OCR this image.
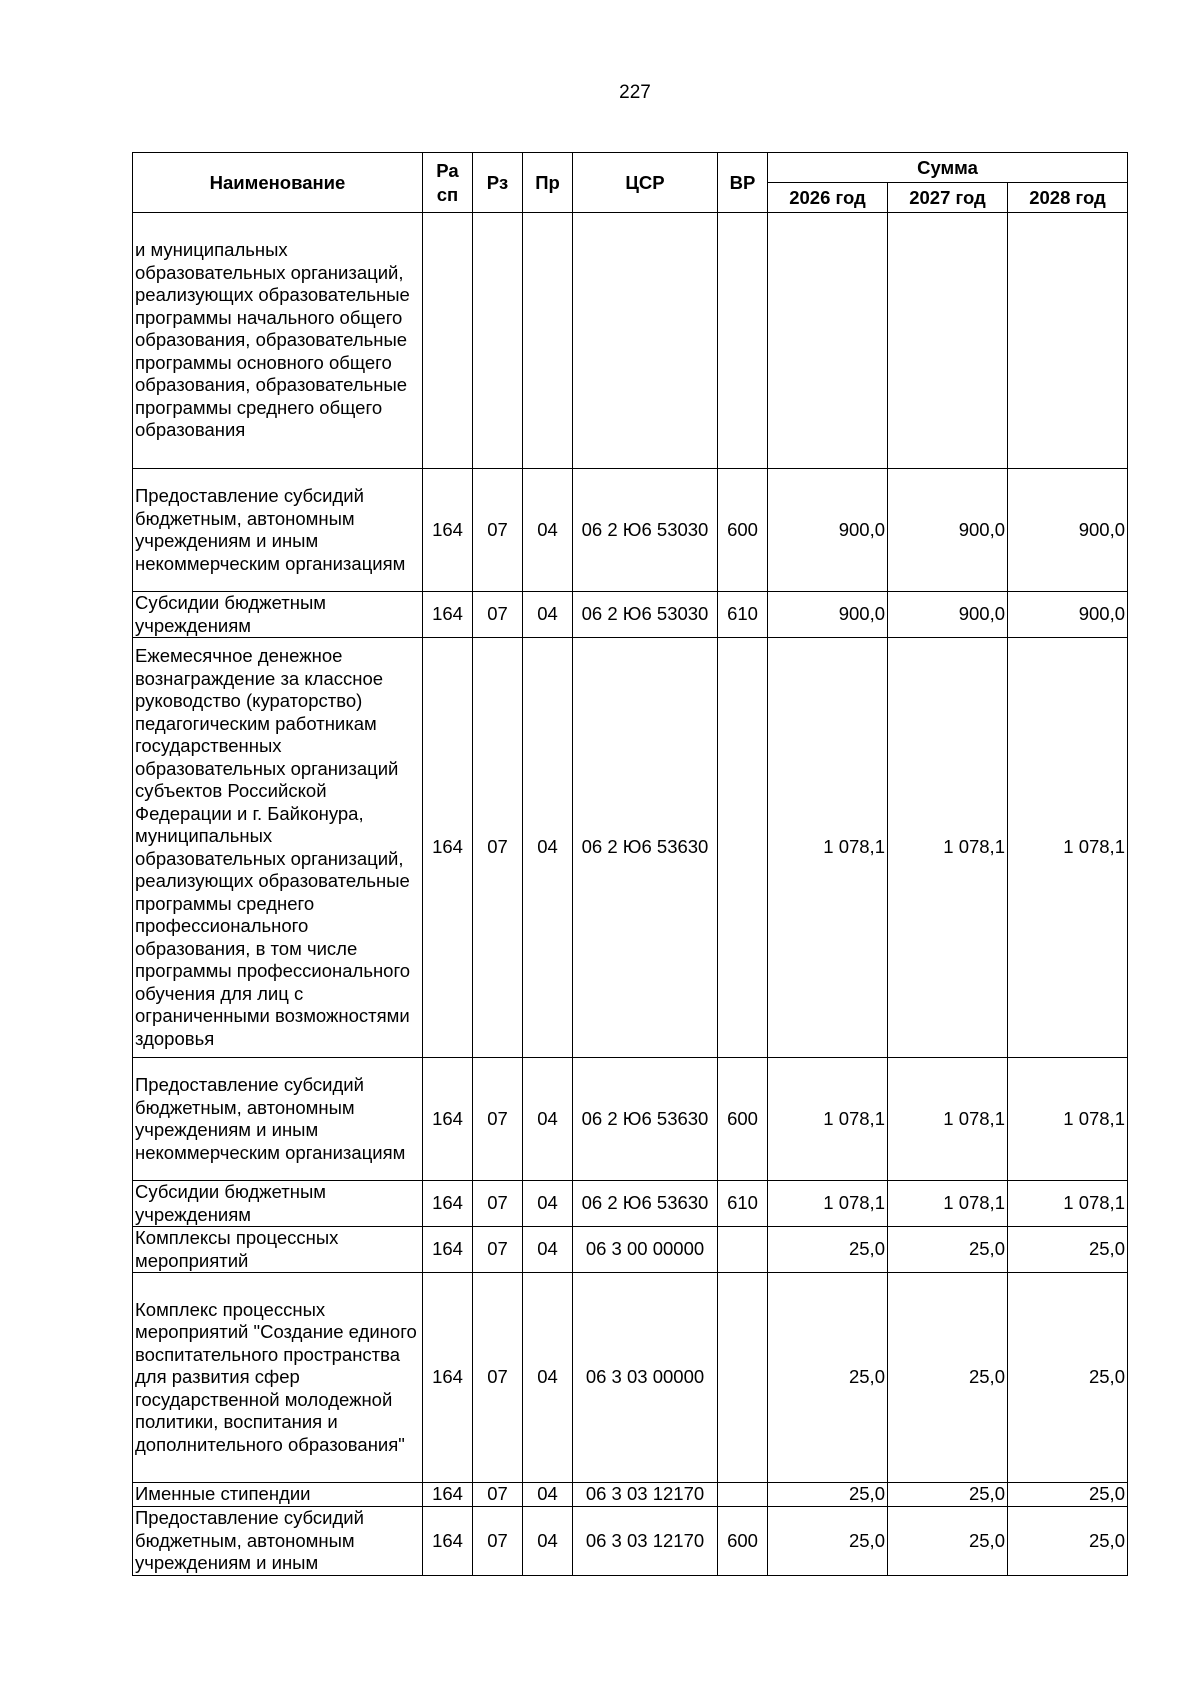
227
Наименование	Ра сп	Рз	Пр	ЦСР	ВР	Сумма		
						2026 год	2027 год	2028 год
и муниципальных образовательных организаций, реализующих образовательные программы начального общего образования, образовательные программы основного общего образования, образовательные программы среднего общего образования								
Предоставление субсидий бюджетным, автономным учреждениям и иным некоммерческим организациям	164	07	04	06 2 Ю6 53030	600	900,0	900,0	900,0
Субсидии бюджетным учреждениям	164	07	04	06 2 Ю6 53030	610	900,0	900,0	900,0
Ежемесячное денежное вознаграждение за классное руководство (кураторство) педагогическим работникам государственных образовательных организаций субъектов Российской Федерации и г. Байконура, муниципальных образовательных организаций, реализующих образовательные программы среднего профессионального образования, в том числе программы профессионального обучения для лиц с ограниченными возможностями здоровья	164	07	04	06 2 Ю6 53630		1 078,1	1 078,1	1 078,1
Предоставление субсидий бюджетным, автономным учреждениям и иным некоммерческим организациям	164	07	04	06 2 Ю6 53630	600	1 078,1	1 078,1	1 078,1
Субсидии бюджетным учреждениям	164	07	04	06 2 Ю6 53630	610	1 078,1	1 078,1	1 078,1
Комплексы процессных мероприятий	164	07	04	06 3 00 00000		25,0	25,0	25,0
Комплекс процессных мероприятий "Создание единого воспитательного пространства для развития сфер государственной молодежной политики, воспитания и дополнительного образования"	164	07	04	06 3 03 00000		25,0	25,0	25,0
Именные стипендии	164	07	04	06 3 03 12170		25,0	25,0	25,0
Предоставление субсидий бюджетным, автономным учреждениям и иным	164	07	04	06 3 03 12170	600	25,0	25,0	25,0
